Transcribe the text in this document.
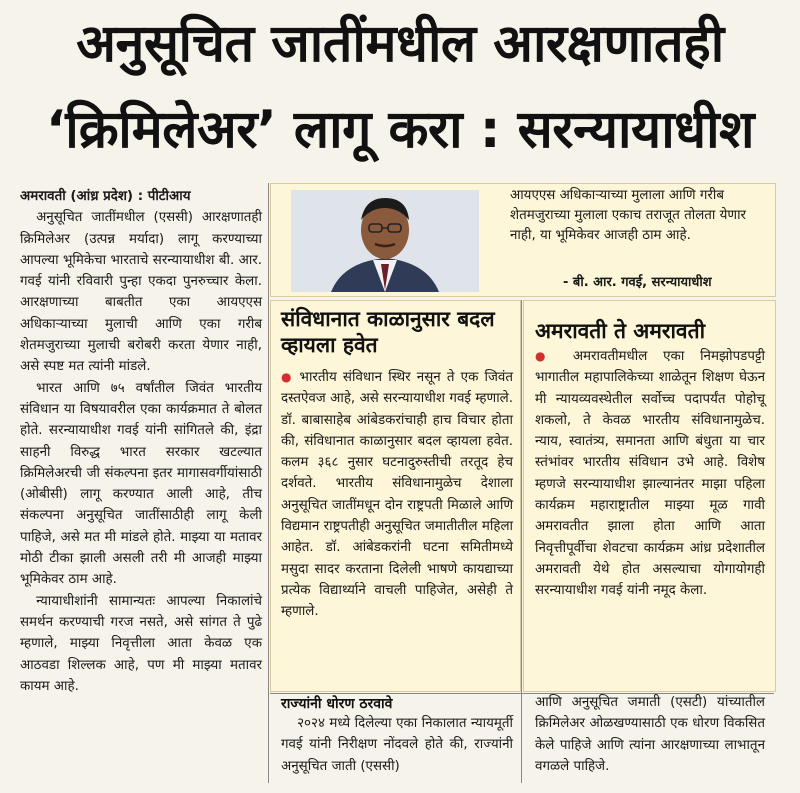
अनुसूचित जातींमधील आरक्षणातही
‘क्रिमिलेअर’ लागू करा : सरन्यायाधीश
अमरावती (आंध्र प्रदेश) : पीटीआय

अनुसूचित जातींमधील (एससी) आरक्षणातही क्रिमिलेअर (उत्पन्न मर्यादा) लागू करण्याच्या आपल्या भूमिकेचा भारताचे सरन्यायाधीश बी. आर. गवई यांनी रविवारी पुन्हा एकदा पुनरुच्चार केला. आरक्षणाच्या बाबतीत एका आयएएस अधिकाऱ्याच्या मुलाची आणि एका गरीब शेतमजुराच्या मुलाची बरोबरी करता येणार नाही, असे स्पष्ट मत त्यांनी मांडले.

भारत आणि ७५ वर्षांतील जिवंत भारतीय संविधान या विषयावरील एका कार्यक्रमात ते बोलत होते. सरन्यायाधीश गवई यांनी सांगितले की, इंद्रा साहनी विरुद्ध भारत सरकार खटल्यात क्रिमिलेअरची जी संकल्पना इतर मागासवर्गीयांसाठी (ओबीसी) लागू करण्यात आली आहे, तीच संकल्पना अनुसूचित जातींसाठीही लागू केली पाहिजे, असे मत मी मांडले होते. माझ्या या मतावर मोठी टीका झाली असली तरी मी आजही माझ्या भूमिकेवर ठाम आहे.

न्यायाधीशांनी सामान्यतः आपल्या निकालांचे समर्थन करण्याची गरज नसते, असे सांगत ते पुढे म्हणाले, माझ्या निवृत्तीला आता केवळ एक आठवडा शिल्लक आहे, पण मी माझ्या मतावर कायम आहे.

आयएएस अधिकाऱ्याच्या मुलाला आणि गरीब शेतमजुराच्या मुलाला एकाच तराजूत तोलता येणार नाही, या भूमिकेवर आजही ठाम आहे.
- बी. आर. गवई, सरन्यायाधीश
संविधानात काळानुसार बदल व्हायला हवेत
● भारतीय संविधान स्थिर नसून ते एक जिवंत दस्तऐवज आहे, असे सरन्यायाधीश गवई म्हणाले. डॉ. बाबासाहेब आंबेडकरांचाही हाच विचार होता की, संविधानात काळानुसार बदल व्हायला हवेत. कलम ३६८ नुसार घटनादुरुस्तीची तरतूद हेच दर्शवते. भारतीय संविधानामुळेच देशाला अनुसूचित जातींमधून दोन राष्ट्रपती मिळाले आणि विद्यमान राष्ट्रपतीही अनुसूचित जमातीतील महिला आहेत. डॉ. आंबेडकरांनी घटना समितीमध्ये मसुदा सादर करताना दिलेली भाषणे कायद्याच्या प्रत्येक विद्यार्थ्याने वाचली पाहिजेत, असेही ते म्हणाले.
अमरावती ते अमरावती
● अमरावतीमधील एका निमझोपडपट्टी भागातील महापालिकेच्या शाळेतून शिक्षण घेऊन मी न्यायव्यवस्थेतील सर्वोच्च पदापर्यंत पोहोचू शकलो, ते केवळ भारतीय संविधानामुळेच. न्याय, स्वातंत्र्य, समानता आणि बंधुता या चार स्तंभांवर भारतीय संविधान उभे आहे. विशेष म्हणजे सरन्यायाधीश झाल्यानंतर माझा पहिला कार्यक्रम महाराष्ट्रातील माझ्या मूळ गावी अमरावतीत झाला होता आणि आता निवृत्तीपूर्वीचा शेवटचा कार्यक्रम आंध्र प्रदेशातील अमरावती येथे होत असल्याचा योगायोगही सरन्यायाधीश गवई यांनी नमूद केला.
राज्यांनी धोरण ठरवावे

२०२४ मध्ये दिलेल्या एका निकालात न्यायमूर्ती गवई यांनी निरीक्षण नोंदवले होते की, राज्यांनी अनुसूचित जाती (एससी)

आणि अनुसूचित जमाती (एसटी) यांच्यातील क्रिमिलेअर ओळखण्यासाठी एक धोरण विकसित केले पाहिजे आणि त्यांना आरक्षणाच्या लाभातून वगळले पाहिजे.
